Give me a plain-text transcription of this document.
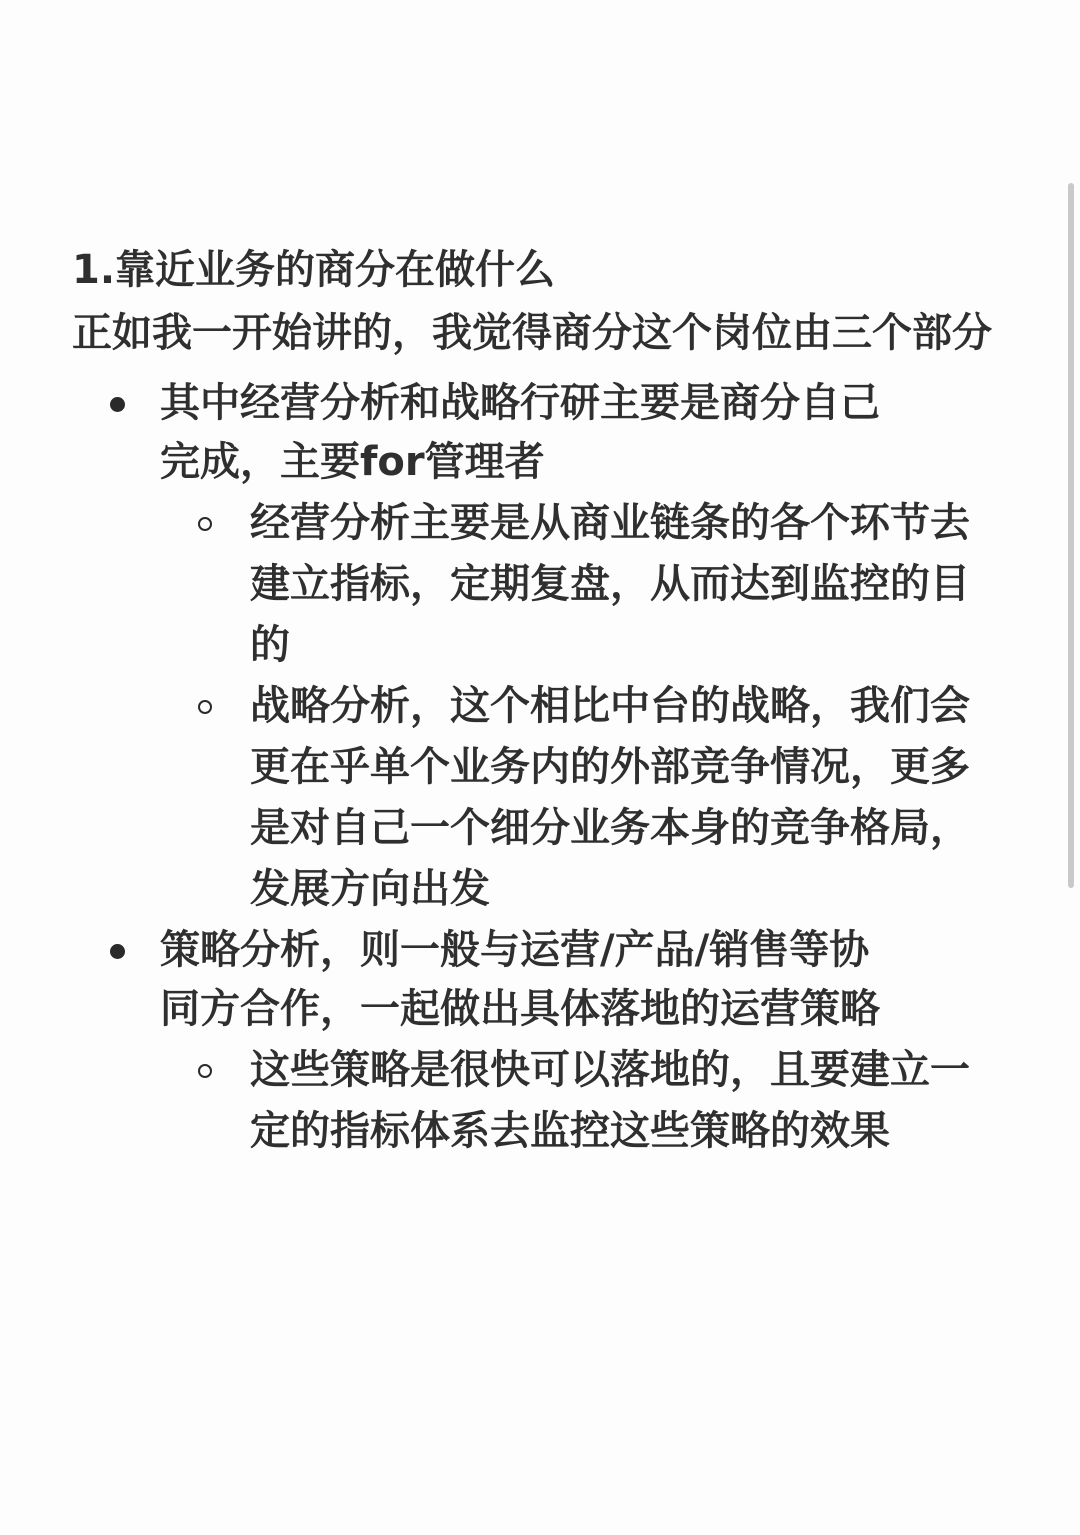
1.靠近业务的商分在做什么

正如我一开始讲的，我觉得商分这个岗位由三个部分

其中经营分析和战略行研主要是商分自己完成，主要for管理者
经营分析主要是从商业链条的各个环节去建立指标，定期复盘，从而达到监控的目的
战略分析，这个相比中台的战略，我们会更在乎单个业务内的外部竞争情况，更多是对自己一个细分业务本身的竞争格局，发展方向出发
策略分析，则一般与运营/产品/销售等协同方合作，一起做出具体落地的运营策略
这些策略是很快可以落地的，且要建立一定的指标体系去监控这些策略的效果
